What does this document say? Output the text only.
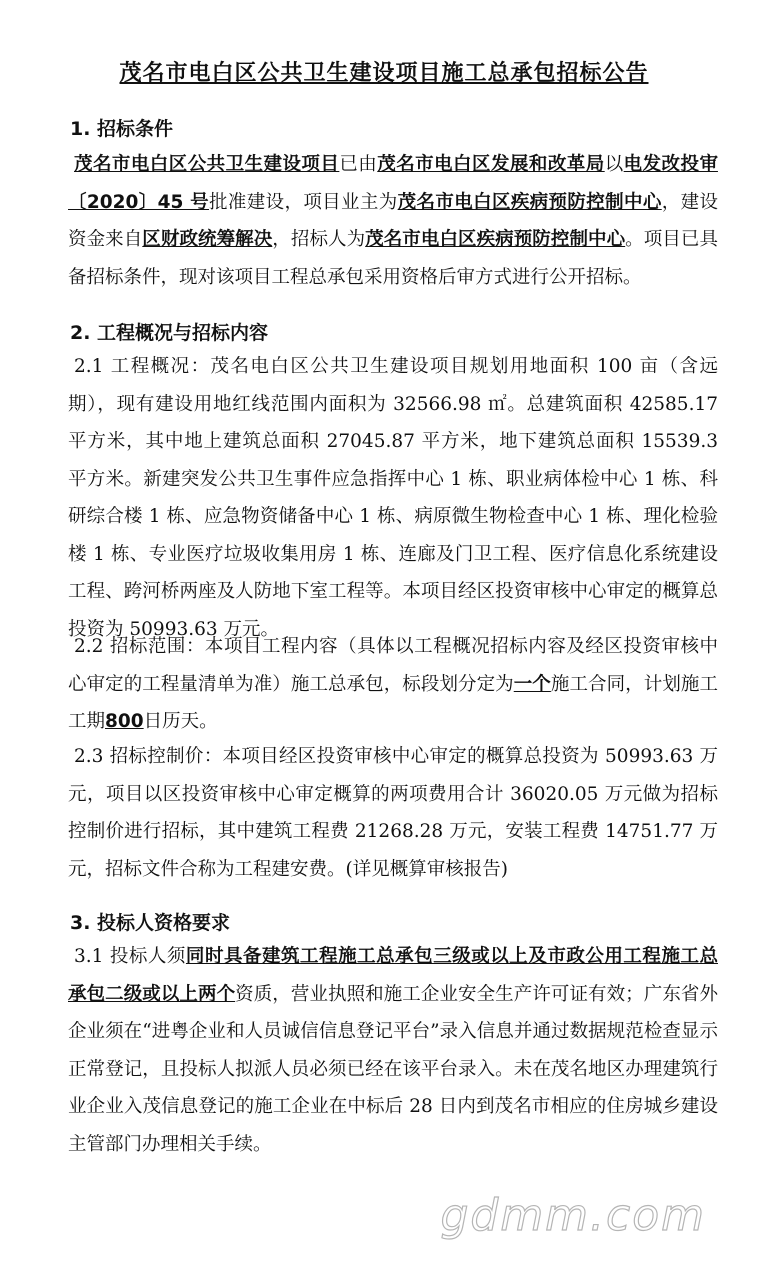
茂名市电白区公共卫生建设项目施工总承包招标公告
1. 招标条件
茂名市电白区公共卫生建设项目已由茂名市电白区发展和改革局以电发改投审〔2020〕45 号批准建设，项目业主为茂名市电白区疾病预防控制中心，建设资金来自区财政统筹解决，招标人为茂名市电白区疾病预防控制中心。项目已具备招标条件，现对该项目工程总承包采用资格后审方式进行公开招标。
2. 工程概况与招标内容
2.1 工程概况：茂名电白区公共卫生建设项目规划用地面积 100 亩（含远期），现有建设用地红线范围内面积为 32566.98 ㎡。总建筑面积 42585.17 平方米，其中地上建筑总面积 27045.87 平方米，地下建筑总面积 15539.3 平方米。新建突发公共卫生事件应急指挥中心 1 栋、职业病体检中心 1 栋、科研综合楼 1 栋、应急物资储备中心 1 栋、病原微生物检查中心 1 栋、理化检验楼 1 栋、专业医疗垃圾收集用房 1 栋、连廊及门卫工程、医疗信息化系统建设工程、跨河桥两座及人防地下室工程等。本项目经区投资审核中心审定的概算总投资为 50993.63 万元。
2.2 招标范围：本项目工程内容（具体以工程概况招标内容及经区投资审核中心审定的工程量清单为准）施工总承包，标段划分定为一个施工合同，计划施工工期800日历天。
2.3 招标控制价：本项目经区投资审核中心审定的概算总投资为 50993.63 万元，项目以区投资审核中心审定概算的两项费用合计 36020.05 万元做为招标控制价进行招标，其中建筑工程费 21268.28 万元，安装工程费 14751.77 万元，招标文件合称为工程建安费。(详见概算审核报告)
3. 投标人资格要求
3.1 投标人须同时具备建筑工程施工总承包三级或以上及市政公用工程施工总承包二级或以上两个资质，营业执照和施工企业安全生产许可证有效；广东省外企业须在“进粤企业和人员诚信信息登记平台”录入信息并通过数据规范检查显示正常登记，且投标人拟派人员必须已经在该平台录入。未在茂名地区办理建筑行业企业入茂信息登记的施工企业在中标后 28 日内到茂名市相应的住房城乡建设主管部门办理相关手续。
gdmm.com
